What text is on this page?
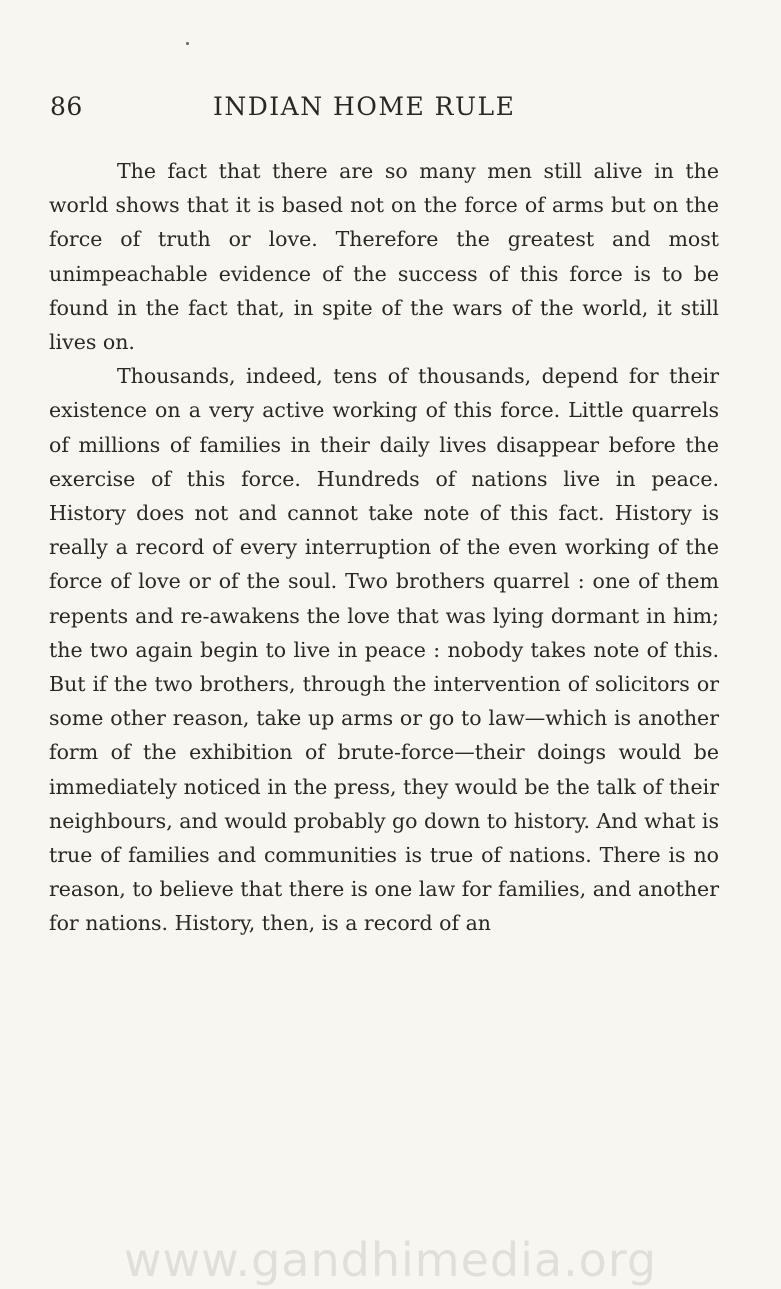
86	INDIAN HOME RULE

The fact that there are so many men still alive in the world shows that it is based not on the force of arms but on the force of truth or love. Therefore the greatest and most unimpeachable evidence of the success of this force is to be found in the fact that, in spite of the wars of the world, it still lives on.

Thousands, indeed, tens of thousands, depend for their existence on a very active working of this force. Little quarrels of millions of families in their daily lives disappear before the exercise of this force. Hundreds of nations live in peace. History does not and cannot take note of this fact. History is really a record of every interruption of the even working of the force of love or of the soul. Two brothers quarrel : one of them repents and re-awakens the love that was lying dormant in him; the two again begin to live in peace : nobody takes note of this. But if the two brothers, through the intervention of solicitors or some other reason, take up arms or go to law—which is another form of the exhibition of brute-force—their doings would be immediately noticed in the press, they would be the talk of their neighbours, and would probably go down to history. And what is true of families and communities is true of nations. There is no reason, to believe that there is one law for families, and another for nations. History, then, is a record of an

www.gandhimedia.org
